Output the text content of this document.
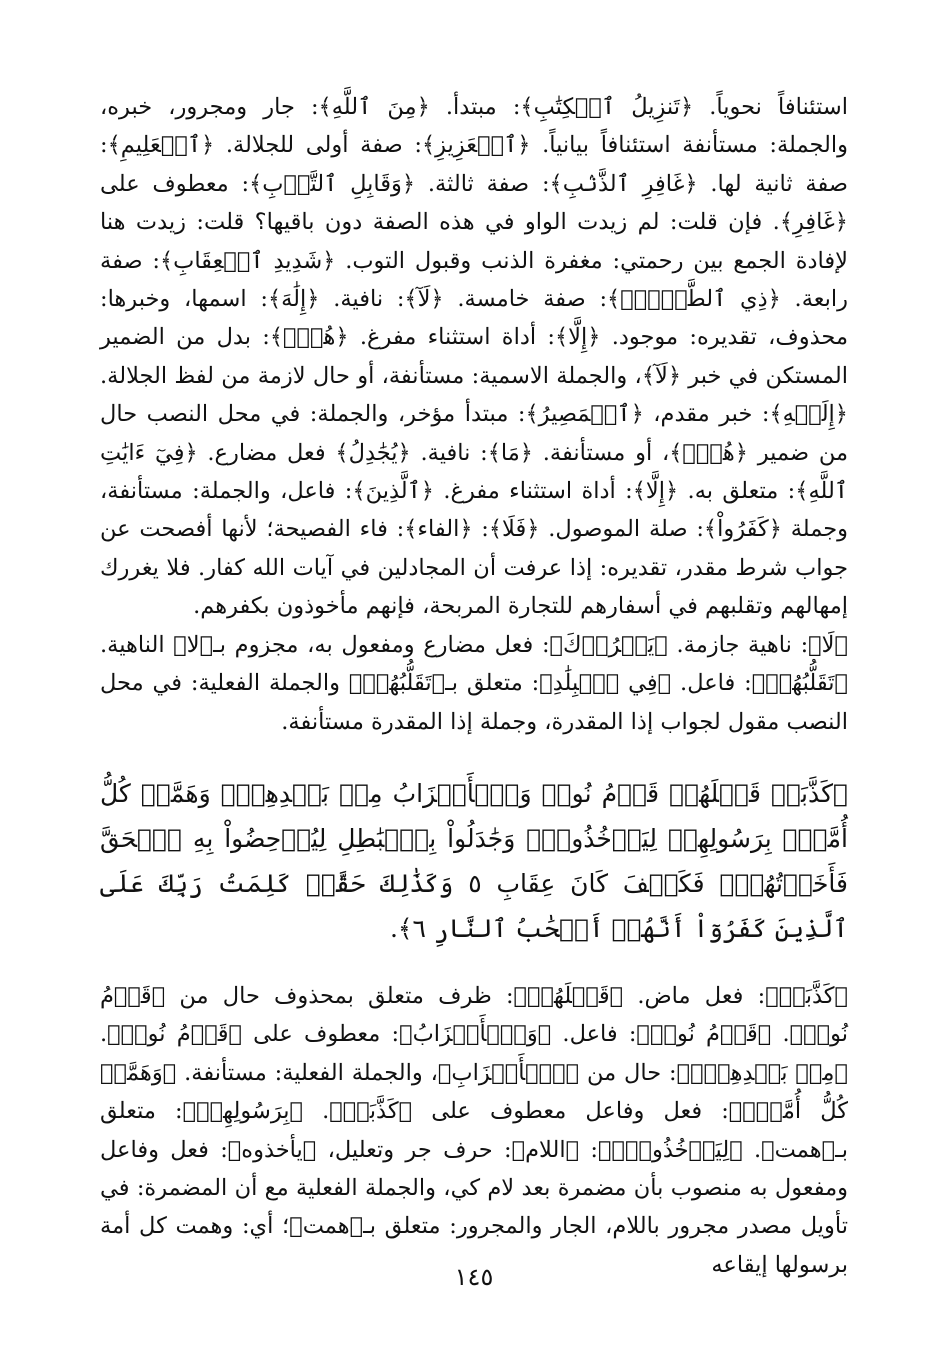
استئنافاً نحوياً. ﴿تَنزِيلُ ٱلۡكِتَٰبِ﴾: مبتدأ. ﴿مِنَ ٱللَّهِ﴾: جار ومجرور، خبره، والجملة: مستأنفة استئنافاً بيانياً. ﴿ٱلۡعَزِيزِ﴾: صفة أولى للجلالة. ﴿ٱلۡعَلِيمِ﴾: صفة ثانية لها. ﴿غَافِرِ ٱلذَّنۢبِ﴾: صفة ثالثة. ﴿وَقَابِلِ ٱلتَّوۡبِ﴾: معطوف على ﴿غَافِرِ﴾. فإن قلت: لم زيدت الواو في هذه الصفة دون باقيها؟ قلت: زيدت هنا لإفادة الجمع بين رحمتي: مغفرة الذنب وقبول التوب. ﴿شَدِيدِ ٱلۡعِقَابِ﴾: صفة رابعة. ﴿ذِي ٱلطَّوۡلِۖ﴾: صفة خامسة. ﴿لَآ﴾: نافية. ﴿إِلَٰهَ﴾: اسمها، وخبرها: محذوف، تقديره: موجود. ﴿إِلَّا﴾: أداة استثناء مفرغ. ﴿هُوَۖ﴾: بدل من الضمير المستكن في خبر ﴿لَآ﴾، والجملة الاسمية: مستأنفة، أو حال لازمة من لفظ الجلالة. ﴿إِلَيۡهِ﴾: خبر مقدم، ﴿ٱلۡمَصِيرُ﴾: مبتدأ مؤخر، والجملة: في محل النصب حال من ضمير ﴿هُوَۖ﴾، أو مستأنفة. ﴿مَا﴾: نافية. ﴿يُجَٰدِلُ﴾ فعل مضارع. ﴿فِيٓ ءَايَٰتِ ٱللَّهِ﴾: متعلق به. ﴿إِلَّا﴾: أداة استثناء مفرغ. ﴿ٱلَّذِينَ﴾: فاعل، والجملة: مستأنفة، وجملة ﴿كَفَرُواْ﴾: صلة الموصول. ﴿فَلَا﴾: ﴿الفاء﴾: فاء الفصيحة؛ لأنها أفصحت عن جواب شرط مقدر، تقديره: إذا عرفت أن المجادلين في آيات الله كفار. فلا يغررك إمهالهم وتقلبهم في أسفارهم للتجارة المربحة، فإنهم مأخوذون بكفرهم.

﴿لَا﴾: ناهية جازمة. ﴿يَغۡرُرۡكَ﴾: فعل مضارع ومفعول به، مجزوم بـ﴿لا﴾ الناهية. ﴿تَقَلُّبُهُمۡ﴾: فاعل. ﴿فِي ٱلۡبِلَٰدِ﴾: متعلق بـ﴿تَقَلُّبُهُمۡ﴾ والجملة الفعلية: في محل النصب مقول لجواب إذا المقدرة، وجملة إذا المقدرة مستأنفة.

﴿كَذَّبَتۡ قَبۡلَهُمۡ قَوۡمُ نُوحٖ وَٱلۡأَحۡزَابُ مِنۢ بَعۡدِهِمۡۖ وَهَمَّتۡ كُلُّ أُمَّةِۭ بِرَسُولِهِمۡ لِيَأۡخُذُوهُۖ وَجَٰدَلُواْ بِٱلۡبَٰطِلِ لِيُدۡحِضُواْ بِهِ ٱلۡحَقَّ فَأَخَذۡتُهُمۡۖ فَكَيۡفَ كَانَ عِقَابِ ٥ وَكَذَٰلِكَ حَقَّتۡ كَلِمَتُ رَبِّكَ عَلَى ٱلَّذِينَ كَفَرُوٓاْ أَنَّهُمۡ أَصۡحَٰبُ ٱلنَّارِ ٦﴾.

﴿كَذَّبَتۡ﴾: فعل ماض. ﴿قَبۡلَهُمۡ﴾: ظرف متعلق بمحذوف حال من ﴿قَوۡمُ نُوحٖ﴾. ﴿قَوۡمُ نُوحٖ﴾: فاعل. ﴿وَٱلۡأَحۡزَابُ﴾: معطوف على ﴿قَوۡمُ نُوحٖ﴾. ﴿مِنۢ بَعۡدِهِمۡۖ﴾: حال من ﴿ٱلۡأَحۡزَابِ﴾، والجملة الفعلية: مستأنفة. ﴿وَهَمَّتۡ كُلُّ أُمَّةِۭ﴾: فعل وفاعل معطوف على ﴿كَذَّبَتۡ﴾. ﴿بِرَسُولِهِمۡ﴾: متعلق بـ﴿همت﴾. ﴿لِيَأۡخُذُوهُۖ﴾: ﴿اللام﴾: حرف جر وتعليل، ﴿يأخذوه﴾: فعل وفاعل ومفعول به منصوب بأن مضمرة بعد لام كي، والجملة الفعلية مع أن المضمرة: في تأويل مصدر مجرور باللام، الجار والمجرور: متعلق بـ﴿همت﴾؛ أي: وهمت كل أمة برسولها إيقاعه

١٤٥
